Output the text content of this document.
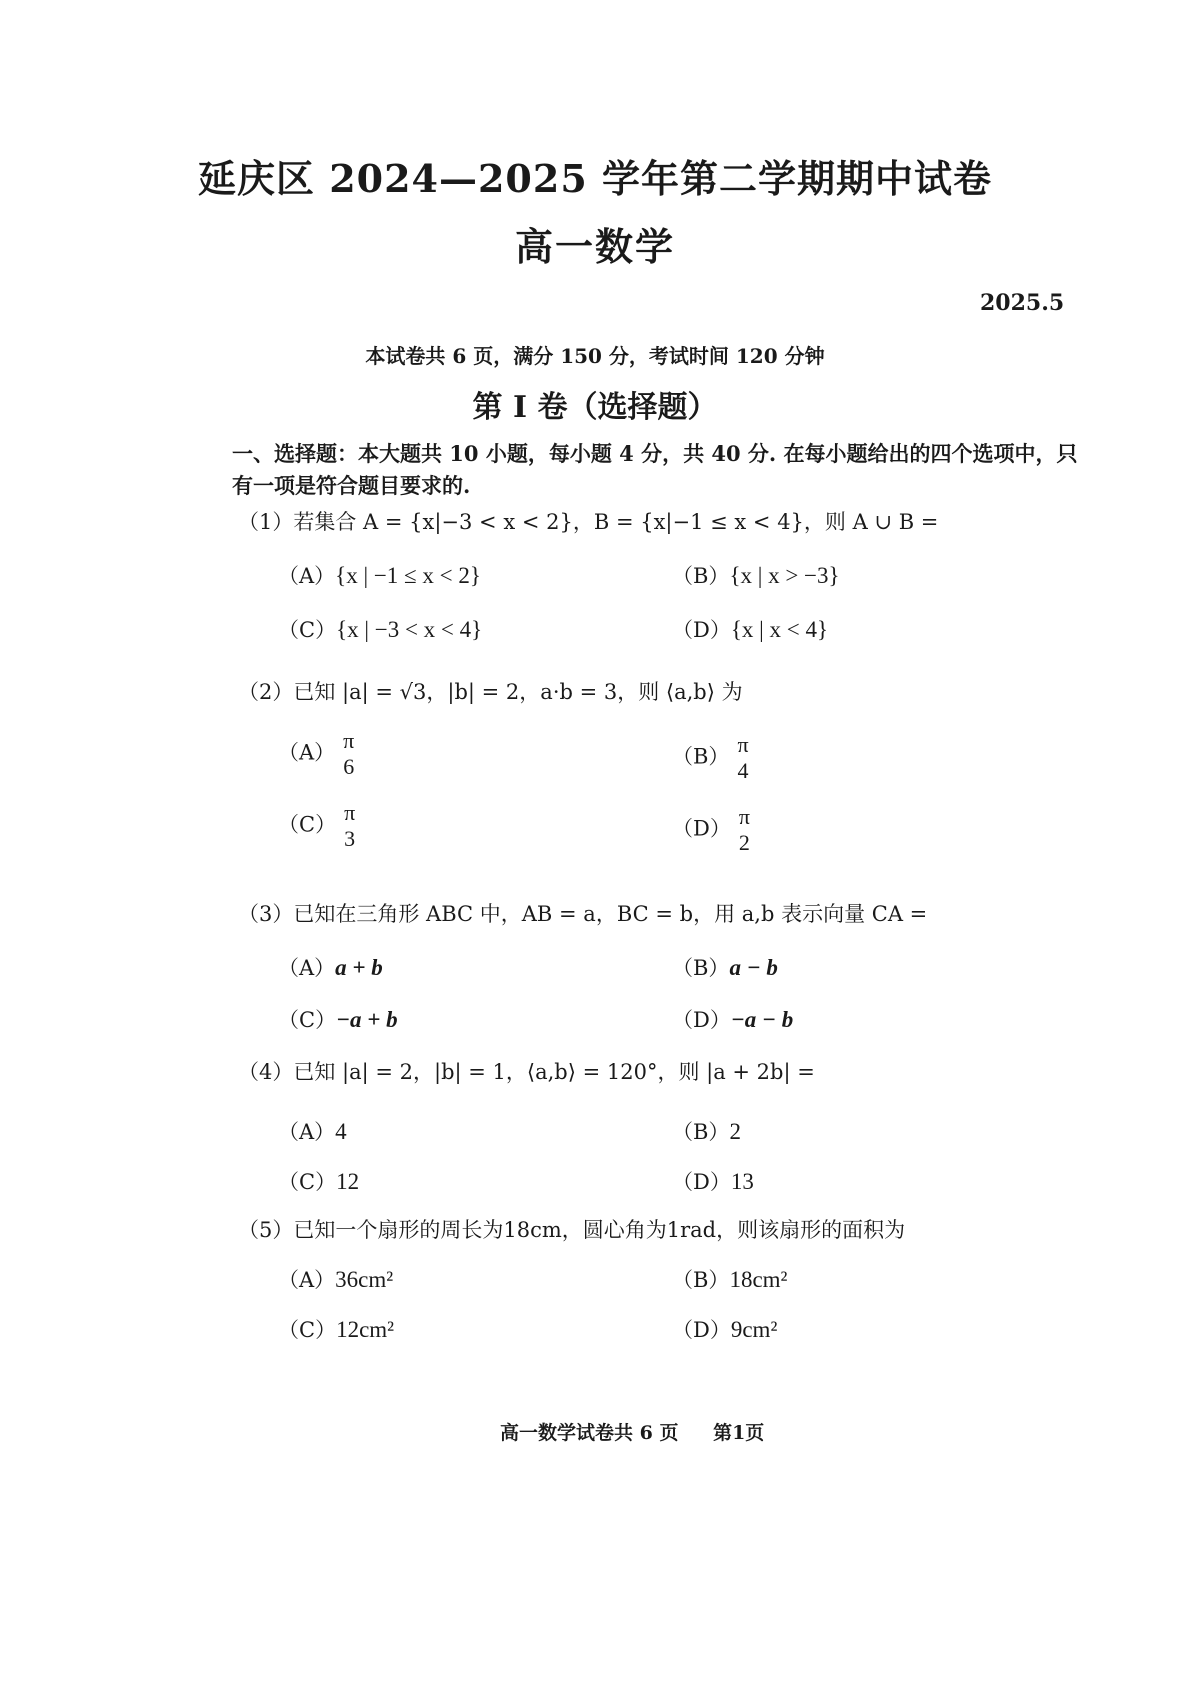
延庆区 2024—2025 学年第二学期期中试卷
高一数学
2025.5
本试卷共 6 页，满分 150 分，考试时间 120 分钟
第 I 卷（选择题）
一、选择题：本大题共 10 小题，每小题 4 分，共 40 分. 在每小题给出的四个选项中，只
有一项是符合题目要求的.
（1）若集合 A = {x|−3 < x < 2}，B = {x|−1 ≤ x < 4}，则 A ∪ B =
（A）{x | −1 ≤ x < 2}	（B）{x | x > −3}
（C）{x | −3 < x < 4}	（D）{x | x < 4}
（2）已知 |a| = √3，|b| = 2，a·b = 3，则 ⟨a,b⟩ 为
（A） π
6	（B） π
4
（C） π
3	（D） π
2
（3）已知在三角形 ABC 中，AB = a，BC = b，用 a,b 表示向量 CA =
（A）a + b	（B）a − b
（C）−a + b	（D）−a − b
（4）已知 |a| = 2，|b| = 1，⟨a,b⟩ = 120°，则 |a + 2b| =
（A）4	（B）2
（C）12	（D）13
（5）已知一个扇形的周长为18cm，圆心角为1rad，则该扇形的面积为
（A）36cm²	（B）18cm²
（C）12cm²	（D）9cm²
高一数学试卷共 6 页 第1页
